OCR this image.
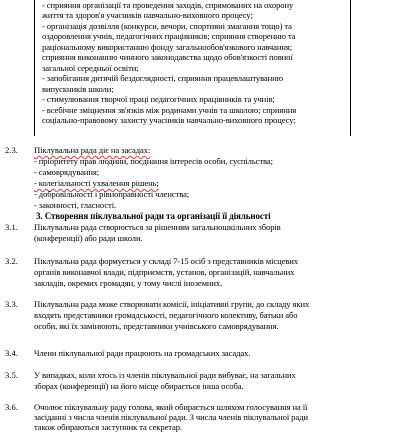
- сприяння організації та проведення заходів, спрямованих на охорону
життя та здоров'я учасників навчально-виховного процесу;
- організація дозвілля (конкурси, вечори, спортивні змагання тощо) та
оздоровлення учнів, педагогічних працівників; сприяння створенню та
раціональному використанню фонду загальнообов'язкового навчання;
сприяння виконанню чинного законодавства щодо обов'язкості повної
загальної середньої освіти;
- запобігання дитячій бездоглядності, сприяння працевлаштуванню
випускників школи;
- стимулювання творчої праці педагогічних працівників та учнів;
- всебічне зміцнення зв'язків між родинами учнів та школою; сприяння
соціально-правовому захисту учасників навчально-виховного процесу;
2.3. Піклувальна рада діє на засадах:
- пріоритету прав людини, поєднання інтересів особи, суспільства;
- самоврядування;
- колегіальності ухвалення рішень;
- добровільності і рівноправності членства;
- законності, гласності.
3. Створення піклувальної ради та організації її діяльності
3.1. Піклувальна рада створюється за рішенням загальношкільних зборів
(конференції) або ради школи.
3.2. Піклувальна рада формується у складі 7-15 осіб з представників місцевих
органів виконавчої влади, підприємств, установ, організацій, навчальних
закладів, окремих громадян, у тому числі іноземних.
3.3. Піклувальна рада може створювати комісії, ініціативні групи, до складу яких
входять представники громадськості, педагогічного колективу, батьки або
особи, які їх замінюють, представники учнівського самоврядування.
3.4. Члени піклувальної ради працюють на громадських засадах.
3.5. У випадках, коли хтось із членів піклувальної ради вибуває, на загальних
зборах (конференції) на його місце обирається інша особа.
3.6. Очолює піклувальну раду голова, який обирається шляхом голосування на її
засіданні з числа членів піклувальної ради. З числа членів піклувальної ради
також обираються заступник та секретар.
